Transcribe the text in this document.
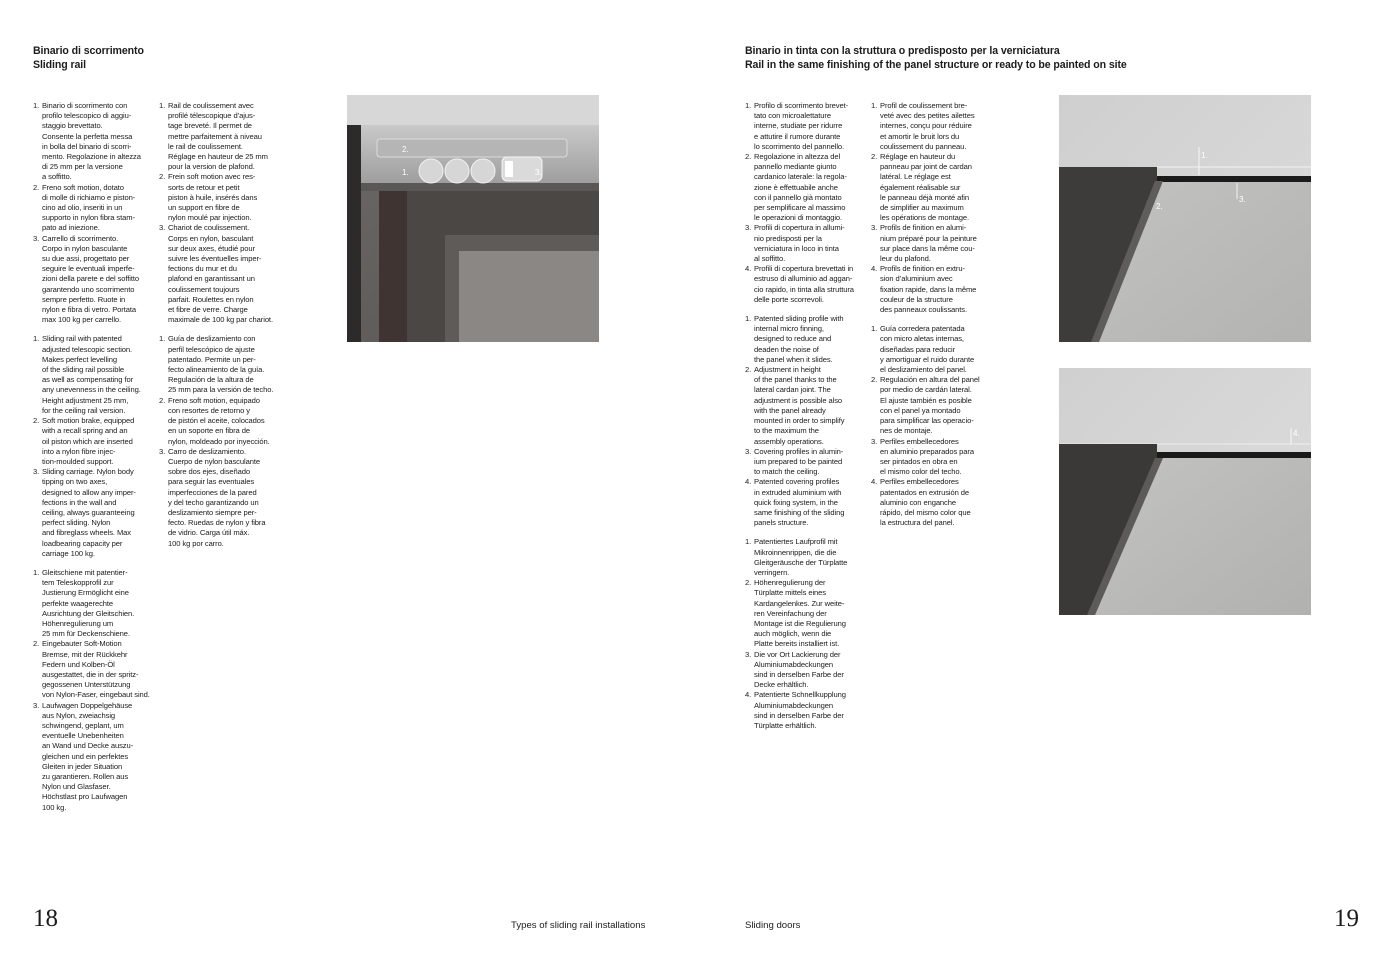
Binario di scorrimento
Sliding rail
1. Binario di scorrimento con
profilo telescopico di aggiu-
staggio brevettato.
Consente la perfetta messa
in bolla del binario di scorri-
mento. Regolazione in altezza
di 25 mm per la versione
a soffitto.
2. Freno soft motion, dotato
di molle di richiamo e piston-
cino ad olio, inseriti in un
supporto in nylon fibra stam-
pato ad iniezione.
3. Carrello di scorrimento.
Corpo in nylon basculante
su due assi, progettato per
seguire le eventuali imperfe-
zioni della parete e del soffitto
garantendo uno scorrimento
sempre perfetto. Ruote in
nylon e fibra di vetro. Portata
max 100 kg per carrello.
1. Sliding rail with patented
adjusted telescopic section.
Makes perfect levelling
of the sliding rail possible
as well as compensating for
any unevenness in the ceiling.
Height adjustment 25 mm,
for the ceiling rail version.
2. Soft motion brake, equipped
with a recall spring and an
oil piston which are inserted
into a nylon fibre injec-
tion-moulded support.
3. Sliding carriage. Nylon body
tipping on two axes,
designed to allow any imper-
fections in the wall and
ceiling, always guaranteeing
perfect sliding. Nylon
and fibreglass wheels. Max
loadbearing capacity per
carriage 100 kg.
1. Gleitschiene mit patentier-
tem Teleskopprofil zur
Justierung Ermöglicht eine
perfekte waagerechte
Ausrichtung der Gleitschien.
Höhenregulierung um
25 mm für Deckenschiene.
2. Eingebauter Soft-Motion
Bremse, mit der Rückkehr
Federn und Kolben-Öl
ausgestattet, die in der spritz-
gegossenen Unterstützung
von Nylon-Faser, eingebaut sind.
3. Laufwagen Doppelgehäuse
aus Nylon, zweiachsig
schwingend, geplant, um
eventuelle Unebenheiten
an Wand und Decke auszu-
gleichen und ein perfektes
Gleiten in jeder Situation
zu garantieren. Rollen aus
Nylon und Glasfaser.
Höchstlast pro Laufwagen
100 kg.
1. Rail de coulissement avec
profilé télescopique d’ajus-
tage breveté. Il permet de
mettre parfaitement à niveau
le rail de coulissement.
Réglage en hauteur de 25 mm
pour la version de plafond.
2. Frein soft motion avec res-
sorts de retour et petit
piston à huile, insérés dans
un support en fibre de
nylon moulé par injection.
3. Chariot de coulissement.
Corps en nylon, basculant
sur deux axes, étudié pour
suivre les éventuelles imper-
fections du mur et du
plafond en garantissant un
coulissement toujours
parfait. Roulettes en nylon
et fibre de verre. Charge
maximale de 100 kg par chariot.
1. Guía de deslizamiento con
perfil telescópico de ajuste
patentado. Permite un per-
fecto alineamiento de la guía.
Regulación de la altura de
25 mm para la versión de techo.
2. Freno soft motion, equipado
con resortes de retorno y
de pistón el aceite, colocados
en un soporte en fibra de
nylon, moldeado por inyección.
3. Carro de deslizamiento.
Cuerpo de nylon basculante
sobre dos ejes, diseñado
para seguir las eventuales
imperfecciones de la pared
y del techo garantizando un
deslizamiento siempre per-
fecto. Ruedas de nylon y fibra
de vidrio. Carga útil máx.
100 kg por carro.
2.
1.	3.
Binario in tinta con la struttura o predisposto per la verniciatura
Rail in the same finishing of the panel structure or ready to be painted on site
1. Profilo di scorrimento brevet-
tato con microalettature
interne, studiate per ridurre
e attutire il rumore durante
lo scorrimento del pannello.
2. Regolazione in altezza del
pannello mediante giunto
cardanico laterale: la regola-
zione è effettuabile anche
con il pannello già montato
per semplificare al massimo
le operazioni di montaggio.
3. Profili di copertura in allumi-
nio predisposti per la
verniciatura in loco in tinta
al soffitto.
4. Profili di copertura brevettati in
estruso di alluminio ad aggan-
cio rapido, in tinta alla struttura
delle porte scorrevoli.
1. Patented sliding profile with
internal micro finning,
designed to reduce and
deaden the noise of
the panel when it slides.
2. Adjustment in height
of the panel thanks to the
lateral cardan joint. The
adjustment is possible also
with the panel already
mounted in order to simplify
to the maximum the
assembly operations.
3. Covering profiles in alumin-
ium prepared to be painted
to match the ceiling.
4. Patented covering profiles
in extruded aluminium with
quick fixing system, in the
same finishing of the sliding
panels structure.
1. Patentiertes Laufprofil mit
Mikroinnenrippen, die die
Gleitgeräusche der Türplatte
verringern.
2. Höhenregulierung der
Türplatte mittels eines
Kardangelenkes. Zur weite-
ren Vereinfachung der
Montage ist die Regulierung
auch möglich, wenn die
Platte bereits installiert ist.
3. Die vor Ort Lackierung der
Aluminiumabdeckungen
sind in derselben Farbe der
Decke erhältlich.
4. Patentierte Schnellkupplung
Aluminiumabdeckungen
sind in derselben Farbe der
Türplatte erhältlich.
1. Profil de coulissement bre-
veté avec des petites ailettes
internes, conçu pour réduire
et amortir le bruit lors du
coulissement du panneau.
2. Réglage en hauteur du
panneau par joint de cardan
latéral. Le réglage est
également réalisable sur
le panneau déjà monté afin
de simplifier au maximum
les opérations de montage.
3. Profils de finition en alumi-
nium préparé pour la peinture
sur place dans la même cou-
leur du plafond.
4. Profils de finition en extru-
sion d’aluminium avec
fixation rapide, dans la même
couleur de la structure
des panneaux coulissants.
1. Guía corredera patentada
con micro aletas internas,
diseñadas para reducir
y amortiguar el ruido durante
el deslizamiento del panel.
2. Regulación en altura del panel
por medio de cardán lateral.
El ajuste también es posible
con el panel ya montado
para simplificar las operacio-
nes de montaje.
3. Perfiles embellecedores
en aluminio preparados para
ser pintados en obra en
el mismo color del techo.
4. Perfiles embellecedores
patentados en extrusión de
aluminio con enganche
rápido, del mismo color que
la estructura del panel.
1.
2.
3.
4.
18	Types of sliding rail installations	Sliding doors	19
